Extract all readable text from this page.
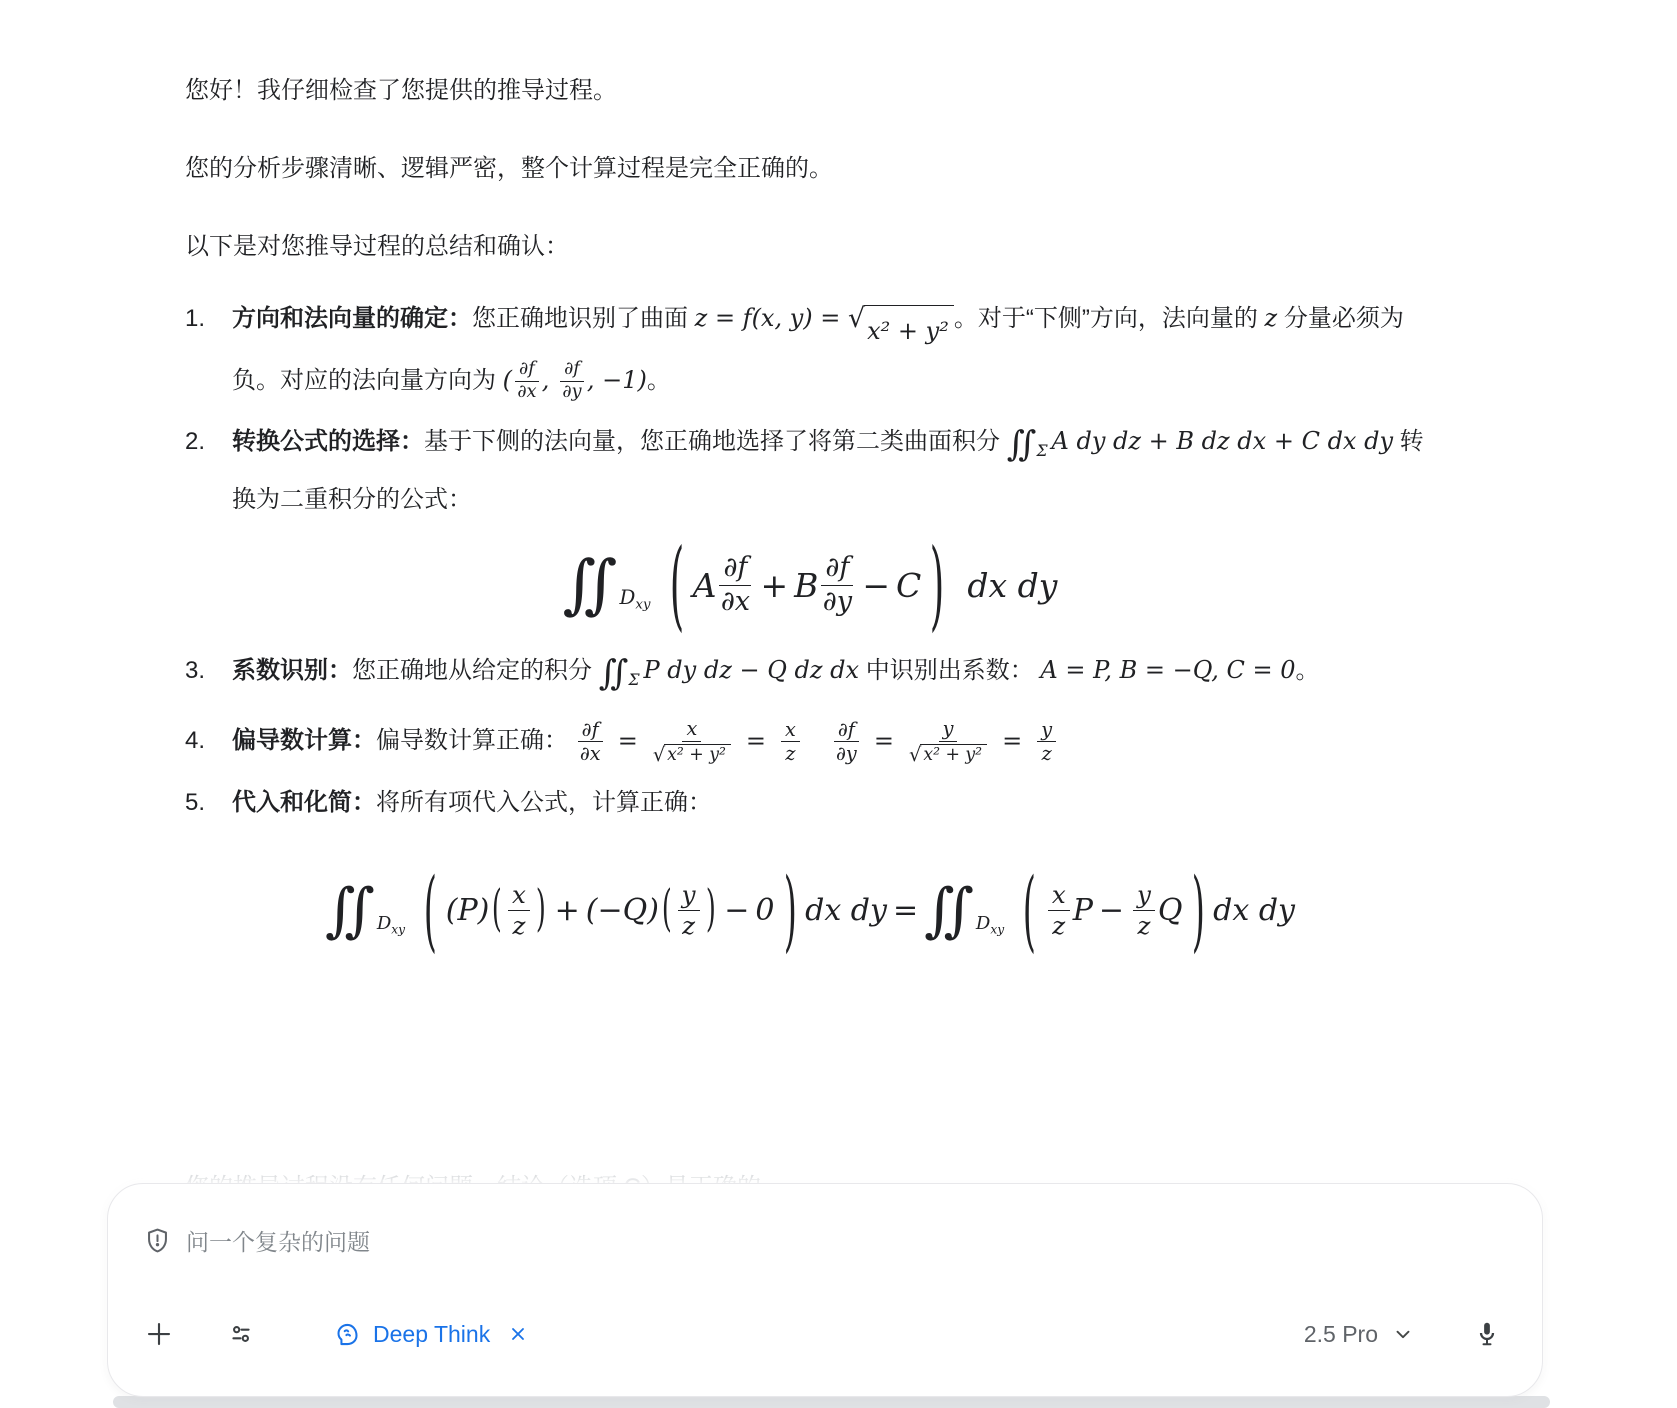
您好！我仔细检查了您提供的推导过程。

您的分析步骤清晰、逻辑严密，整个计算过程是完全正确的。

以下是对您推导过程的总结和确认：

1.	方向和法向量的确定：您正确地识别了曲面 z = f(x, y) = √ x² + y² 。对于“下侧”方向，法向量的 z 分量必须为负。对应的法向量方向为 ( $\frac{\partial f}{\partial x}$ , $\frac{\partial f}{\partial y}$ , −1)。
2.	转换公式的选择：基于下侧的法向量，您正确地选择了将第二类曲面积分 $∬_\Sigma$ A dy dz + B dz dx + C dx dy 转换为二重积分的公式：
∬ $D_{xy}$ ( A $\frac{\partial f}{\partial x} + B \frac{\partial f}{\partial y} - C$ ) dx dy
3.	系数识别：您正确地从给定的积分 $∬_\Sigma$ P dy dz − Q dz dx 中识别出系数： A = P, B = −Q, C = 0。
4.	偏导数计算：偏导数计算正确： $\frac{\partial f}{\partial x} = \frac{x}{\text{√ x² + y²}} = \frac{x}{z} \frac{\partial f}{\partial y} = \frac{y}{\text{√ x² + y²}} = \frac{y}{z}$
5.	代入和化简：将所有项代入公式，计算正确：
∬ $D_{xy}$ ( (P) ( $\frac{x}{z}$ ) + (−Q) ( $\frac{y}{z}$ ) − 0 ) dx dy = ∬ $D_{xy}$ ( $\frac{x}{z}$ $P - \frac{y}{z}$ Q ) dx dy
问一个复杂的问题
Deep Think	2.5 Pro
